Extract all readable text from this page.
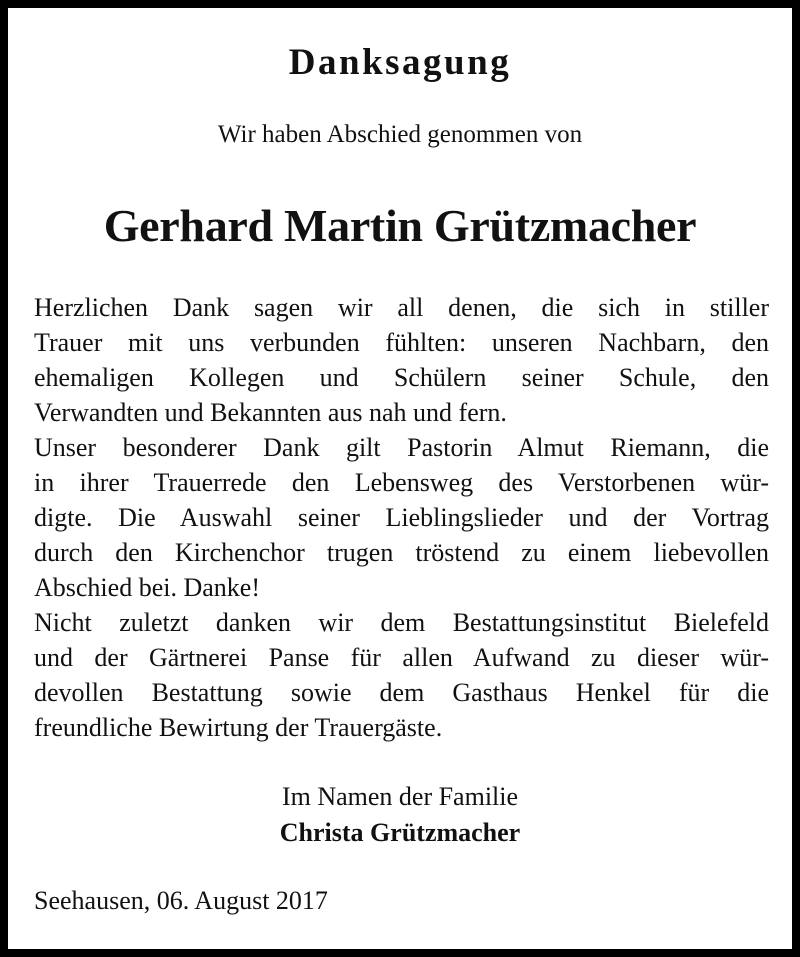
Danksagung
Wir haben Abschied genommen von
Gerhard Martin Grützmacher
Herzlichen Dank sagen wir all denen, die sich in stiller
Trauer mit uns verbunden fühlten: unseren Nachbarn, den
ehemaligen Kollegen und Schülern seiner Schule, den
Verwandten und Bekannten aus nah und fern.
Unser besonderer Dank gilt Pastorin Almut Riemann, die
in ihrer Trauerrede den Lebensweg des Verstorbenen wür-
digte. Die Auswahl seiner Lieblingslieder und der Vortrag
durch den Kirchenchor trugen tröstend zu einem liebevollen
Abschied bei. Danke!
Nicht zuletzt danken wir dem Bestattungsinstitut Bielefeld
und der Gärtnerei Panse für allen Aufwand zu dieser wür-
devollen Bestattung sowie dem Gasthaus Henkel für die
freundliche Bewirtung der Trauergäste.
Im Namen der Familie
Christa Grützmacher
Seehausen, 06. August 2017
